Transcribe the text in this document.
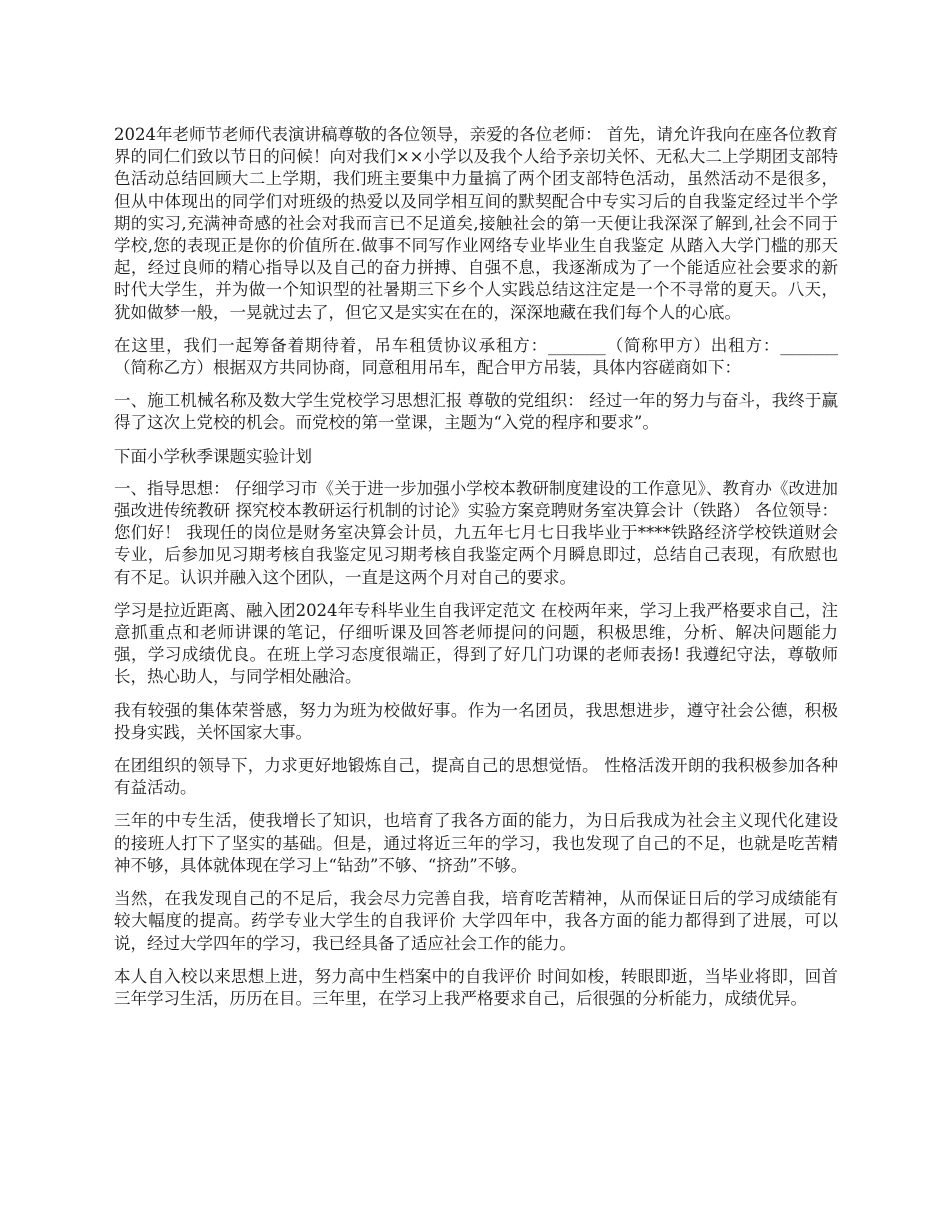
2024年老师节老师代表演讲稿尊敬的各位领导，亲爱的各位老师： 首先，请允许我向在座各位教育界的同仁们致以节日的问候！向对我们××小学以及我个人给予亲切关怀、无私大二上学期团支部特色活动总结回顾大二上学期，我们班主要集中力量搞了两个团支部特色活动，虽然活动不是很多，但从中体现出的同学们对班级的热爱以及同学相互间的默契配合中专实习后的自我鉴定经过半个学期的实习,充满神奇感的社会对我而言已不足道矣,接触社会的第一天便让我深深了解到,社会不同于学校,您的表现正是你的价值所在.做事不同写作业网络专业毕业生自我鉴定 从踏入大学门槛的那天起，经过良师的精心指导以及自己的奋力拼搏、自强不息，我逐渐成为了一个能适应社会要求的新时代大学生，并为做一个知识型的社暑期三下乡个人实践总结这注定是一个不寻常的夏天。八天，犹如做梦一般，一晃就过去了，但它又是实实在在的，深深地藏在我们每个人的心底。

在这里，我们一起筹备着期待着，吊车租赁协议承租方：_______（简称甲方）出租方：_______（简称乙方）根据双方共同协商，同意租用吊车，配合甲方吊装，具体内容磋商如下：

一、施工机械名称及数大学生党校学习思想汇报 尊敬的党组织： 经过一年的努力与奋斗，我终于赢得了这次上党校的机会。而党校的第一堂课，主题为“入党的程序和要求”。

下面小学秋季课题实验计划

一、指导思想： 仔细学习市《关于进一步加强小学校本教研制度建设的工作意见》、教育办《改进加强改进传统教研 探究校本教研运行机制的讨论》实验方案竞聘财务室决算会计（铁路） 各位领导： 您们好！ 我现任的岗位是财务室决算会计员，九五年七月七日我毕业于****铁路经济学校铁道财会专业，后参加见习期考核自我鉴定见习期考核自我鉴定两个月瞬息即过，总结自己表现，有欣慰也有不足。认识并融入这个团队，一直是这两个月对自己的要求。

学习是拉近距离、融入团2024年专科毕业生自我评定范文 在校两年来，学习上我严格要求自己，注意抓重点和老师讲课的笔记，仔细听课及回答老师提问的问题，积极思维，分析、解决问题能力强，学习成绩优良。在班上学习态度很端正，得到了好几门功课的老师表扬! 我遵纪守法，尊敬师长，热心助人，与同学相处融洽。

我有较强的集体荣誉感，努力为班为校做好事。作为一名团员，我思想进步，遵守社会公德，积极投身实践，关怀国家大事。

在团组织的领导下，力求更好地锻炼自己，提高自己的思想觉悟。 性格活泼开朗的我积极参加各种有益活动。

三年的中专生活，使我增长了知识，也培育了我各方面的能力，为日后我成为社会主义现代化建设的接班人打下了坚实的基础。但是，通过将近三年的学习，我也发现了自己的不足，也就是吃苦精神不够，具体就体现在学习上“钻劲”不够、“挤劲”不够。

当然，在我发现自己的不足后，我会尽力完善自我，培育吃苦精神，从而保证日后的学习成绩能有较大幅度的提高。药学专业大学生的自我评价 大学四年中，我各方面的能力都得到了进展，可以说，经过大学四年的学习，我已经具备了适应社会工作的能力。

本人自入校以来思想上进，努力高中生档案中的自我评价 时间如梭，转眼即逝，当毕业将即，回首三年学习生活，历历在目。三年里，在学习上我严格要求自己，后很强的分析能力，成绩优异。
